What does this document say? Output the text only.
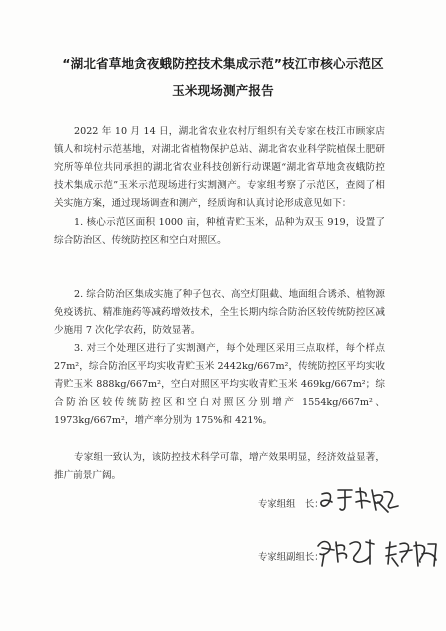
“湖北省草地贪夜蛾防控技术集成示范”枝江市核心示范区
玉米现场测产报告

2022 年 10 月 14 日，湖北省农业农村厅组织有关专家在枝江市顾家店镇人和垸村示范基地，对湖北省植物保护总站、湖北省农业科学院植保土肥研究所等单位共同承担的湖北省农业科技创新行动课题“湖北省草地贪夜蛾防控技术集成示范”玉米示范现场进行实割测产。专家组考察了示范区，查阅了相关实施方案，通过现场调查和测产，经质询和认真讨论形成意见如下：

1. 核心示范区面积 1000 亩，种植青贮玉米，品种为双玉 919，设置了综合防治区、传统防控区和空白对照区。

2. 综合防治区集成实施了种子包衣、高空灯阻截、地面组合诱杀、植物源免疫诱抗、精准施药等减药增效技术，全生长期内综合防治区较传统防控区减少施用 7 次化学农药，防效显著。

3. 对三个处理区进行了实割测产，每个处理区采用三点取样，每个样点 27m²，综合防治区平均实收青贮玉米 2442kg/667m²，传统防控区平均实收青贮玉米 888kg/667m²，空白对照区平均实收青贮玉米 469kg/667m²；综合防治区较传统防控区和空白对照区分别增产 1554kg/667m²、1973kg/667m²，增产率分别为 175%和 421%。

专家组一致认为，该防控技术科学可靠，增产效果明显，经济效益显著，推广前景广阔。

专家组组　长：
专家组副组长：
